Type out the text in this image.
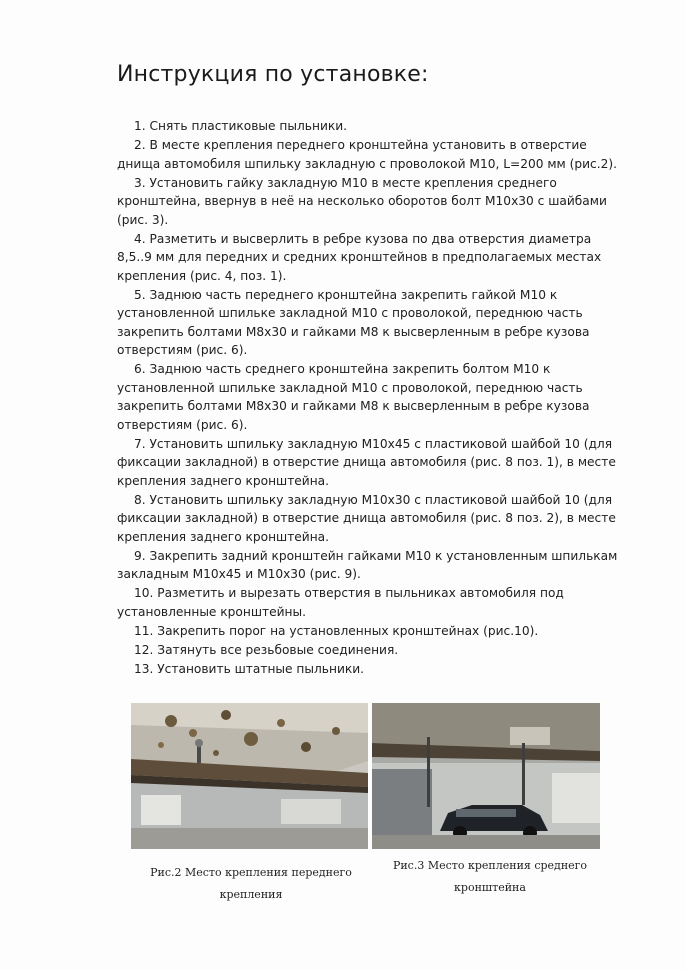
Инструкция по установке:
1. Снять пластиковые пыльники.
2. В месте крепления переднего кронштейна установить в отверстие днища автомобиля шпильку закладную с проволокой М10, L=200 мм (рис.2).
3. Установить гайку закладную М10 в месте крепления среднего кронштейна, ввернув в неё на несколько оборотов болт М10х30 с шайбами (рис. 3).
4. Разметить и высверлить в ребре кузова по два отверстия диаметра 8,5..9 мм для передних и средних кронштейнов в предполагаемых местах крепления (рис. 4, поз. 1).
5. Заднюю часть переднего кронштейна закрепить гайкой М10 к установленной шпильке закладной М10 с проволокой, переднюю часть закрепить болтами М8х30 и гайками М8 к высверленным в ребре кузова отверстиям (рис. 6).
6. Заднюю часть среднего кронштейна закрепить болтом М10 к установленной шпильке закладной М10 с проволокой, переднюю часть закрепить болтами М8х30 и гайками М8 к высверленным в ребре кузова отверстиям (рис. 6).
7. Установить шпильку закладную М10х45 с пластиковой шайбой 10 (для фиксации закладной) в отверстие днища автомобиля (рис. 8 поз. 1), в месте крепления заднего кронштейна.
8. Установить шпильку закладную М10х30 с пластиковой шайбой 10 (для фиксации закладной) в отверстие днища автомобиля (рис. 8 поз. 2), в месте крепления заднего кронштейна.
9. Закрепить задний кронштейн гайками М10 к установленным шпилькам закладным М10х45 и М10х30 (рис. 9).
10. Разметить и вырезать отверстия в пыльниках автомобиля под установленные кронштейны.
11. Закрепить порог на установленных кронштейнах (рис.10).
12. Затянуть все резьбовые соединения.
13. Установить штатные пыльники.
Рис.2 Место крепления переднего
крепления
Рис.3 Место крепления среднего
кронштейна
